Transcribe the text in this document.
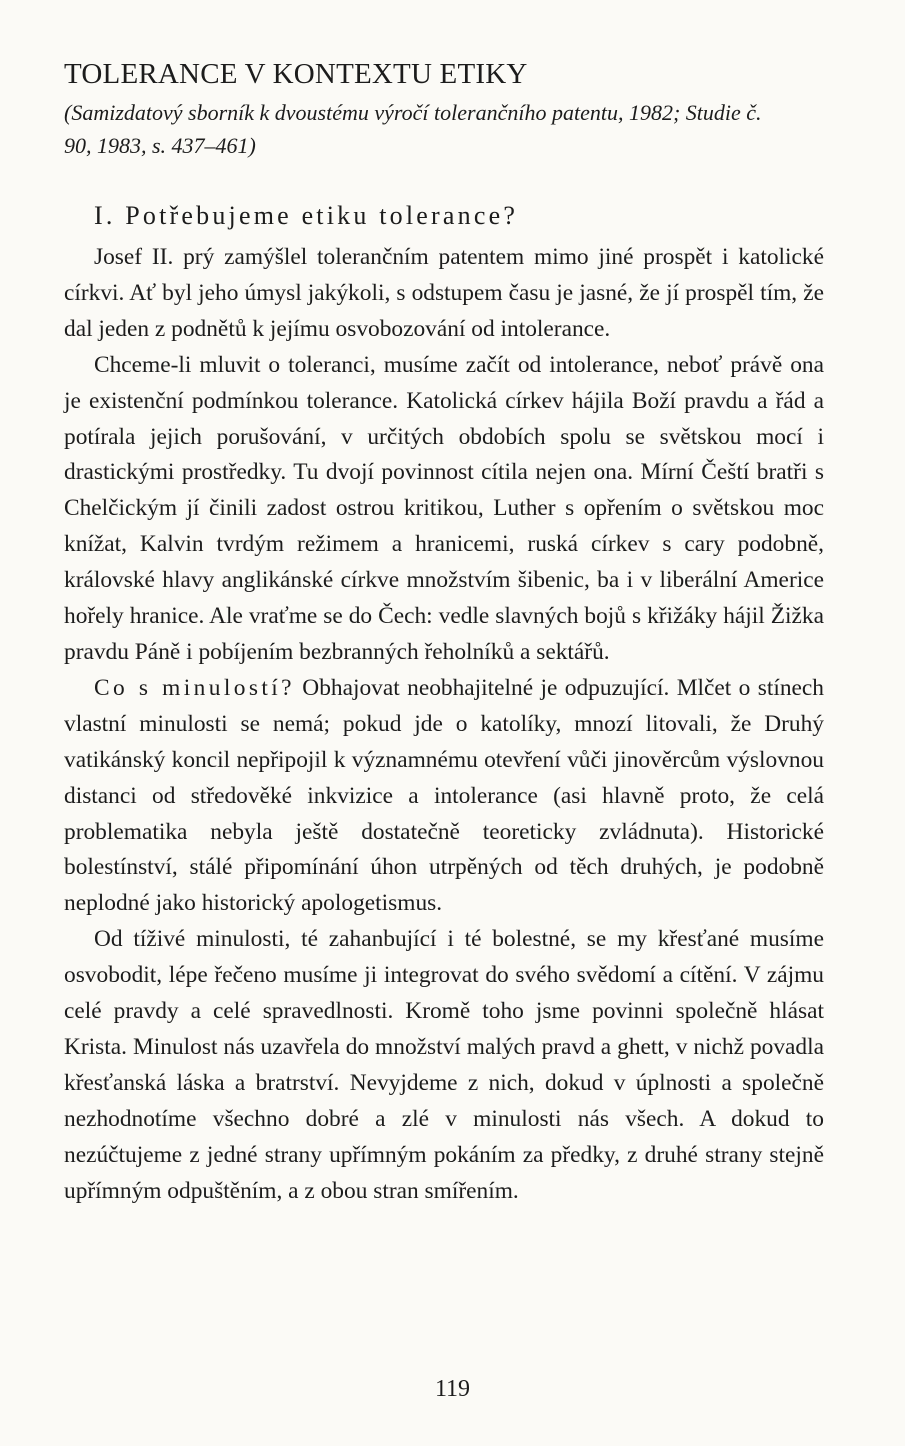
TOLERANCE V KONTEXTU ETIKY

(Samizdatový sborník k dvoustému výročí tolerančního patentu, 1982; Studie č. 90, 1983, s. 437–461)

I. Potřebujeme etiku tolerance?

Josef II. prý zamýšlel tolerančním patentem mimo jiné prospět i katolické církvi. Ať byl jeho úmysl jakýkoli, s odstupem času je jasné, že jí prospěl tím, že dal jeden z podnětů k jejímu osvobozování od intolerance.

Chceme-li mluvit o toleranci, musíme začít od intolerance, neboť právě ona je existenční podmínkou tolerance. Katolická církev hájila Boží pravdu a řád a potírala jejich porušování, v určitých obdobích spolu se světskou mocí i drastickými prostředky. Tu dvojí povinnost cítila nejen ona. Mírní Čeští bratři s Chelčickým jí činili zadost ostrou kritikou, Luther s opřením o světskou moc knížat, Kalvin tvrdým režimem a hranicemi, ruská církev s cary podobně, královské hlavy anglikánské církve množstvím šibenic, ba i v liberální Americe hořely hranice. Ale vraťme se do Čech: vedle slavných bojů s křižáky hájil Žižka pravdu Páně i pobíjením bezbranných řeholníků a sektářů.

Co s minulostí? Obhajovat neobhajitelné je odpuzující. Mlčet o stínech vlastní minulosti se nemá; pokud jde o katolíky, mnozí litovali, že Druhý vatikánský koncil nepřipojil k významnému otevření vůči jinověrcům výslovnou distanci od středověké inkvizice a intolerance (asi hlavně proto, že celá problematika nebyla ještě dostatečně teoreticky zvládnuta). Historické bolestínství, stálé připomínání úhon utrpěných od těch druhých, je podobně neplodné jako historický apologetismus.

Od tíživé minulosti, té zahanbující i té bolestné, se my křesťané musíme osvobodit, lépe řečeno musíme ji integrovat do svého svědomí a cítění. V zájmu celé pravdy a celé spravedlnosti. Kromě toho jsme povinni společně hlásat Krista. Minulost nás uzavřela do množství malých pravd a ghett, v nichž povadla křesťanská láska a bratrství. Nevyjdeme z nich, dokud v úplnosti a společně nezhodnotíme všechno dobré a zlé v minulosti nás všech. A dokud to nezúčtujeme z jedné strany upřímným pokáním za předky, z druhé strany stejně upřímným odpuštěním, a z obou stran smířením.

119
